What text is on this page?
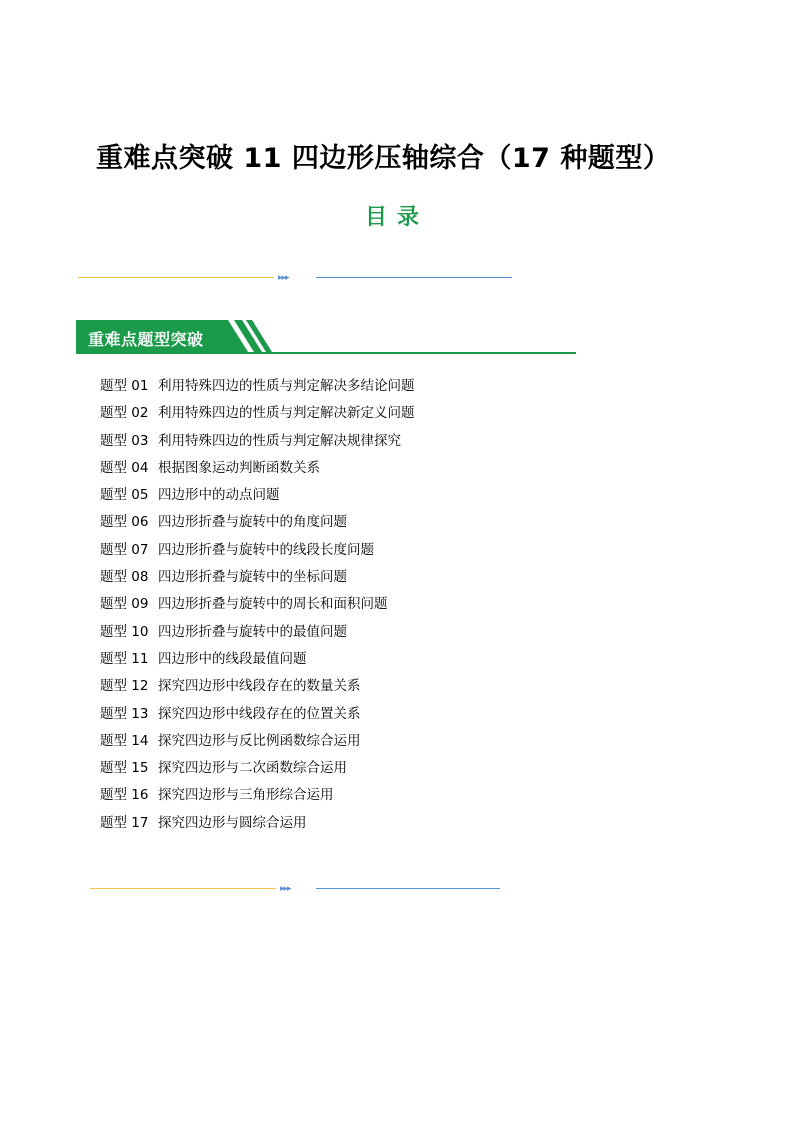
重难点突破 11 四边形压轴综合（17 种题型）
目录
▸▸▸
重难点题型突破
题型 01 利用特殊四边的性质与判定解决多结论问题
题型 02 利用特殊四边的性质与判定解决新定义问题
题型 03 利用特殊四边的性质与判定解决规律探究
题型 04 根据图象运动判断函数关系
题型 05 四边形中的动点问题
题型 06 四边形折叠与旋转中的角度问题
题型 07 四边形折叠与旋转中的线段长度问题
题型 08 四边形折叠与旋转中的坐标问题
题型 09 四边形折叠与旋转中的周长和面积问题
题型 10 四边形折叠与旋转中的最值问题
题型 11 四边形中的线段最值问题
题型 12 探究四边形中线段存在的数量关系
题型 13 探究四边形中线段存在的位置关系
题型 14 探究四边形与反比例函数综合运用
题型 15 探究四边形与二次函数综合运用
题型 16 探究四边形与三角形综合运用
题型 17 探究四边形与圆综合运用
▸▸▸
